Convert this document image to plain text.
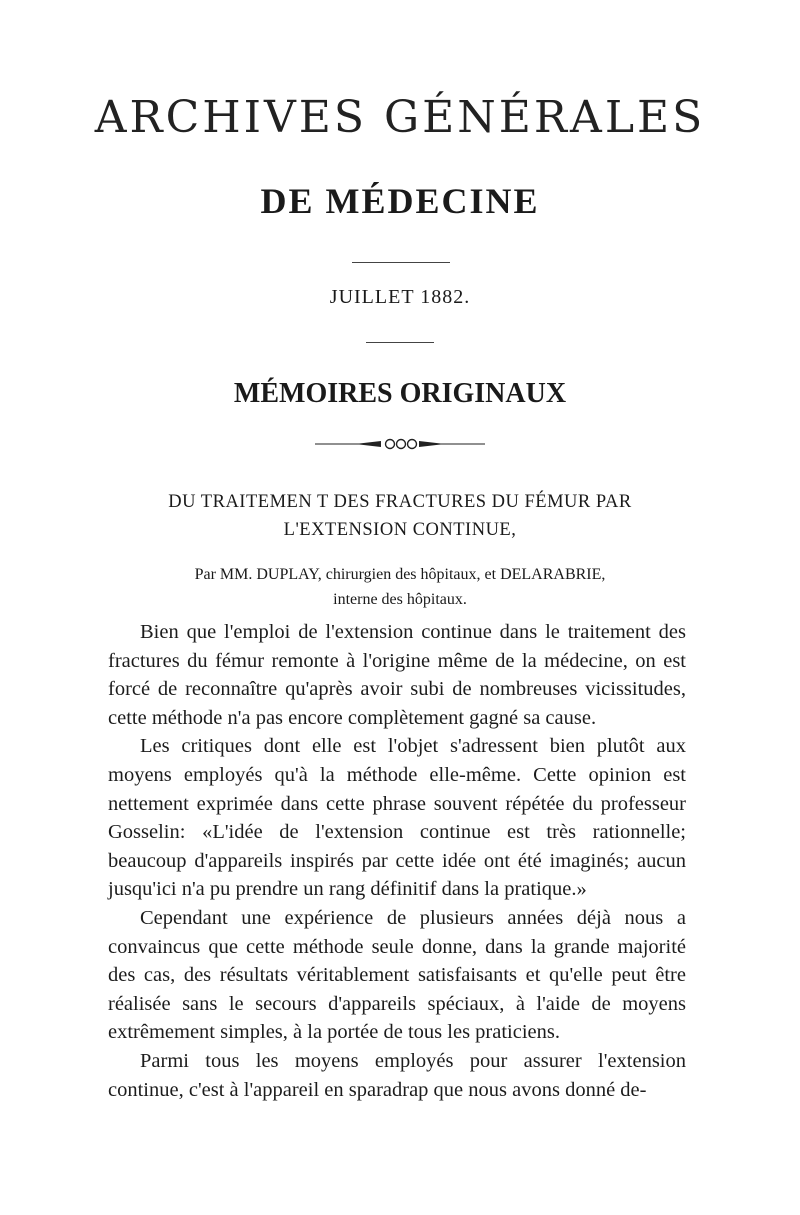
ARCHIVES GÉNÉRALES
DE MÉDECINE
JUILLET 1882.
MÉMOIRES ORIGINAUX
DU TRAITEMEN T DES FRACTURES DU FÉMUR PAR
L'EXTENSION CONTINUE,
Par MM. DUPLAY, chirurgien des hôpitaux, et DELARABRIE,
interne des hôpitaux.

Bien que l'emploi de l'extension continue dans le traitement des fractures du fémur remonte à l'origine même de la médecine, on est forcé de reconnaître qu'après avoir subi de nombreuses vicissitudes, cette méthode n'a pas encore complètement gagné sa cause.

Les critiques dont elle est l'objet s'adressent bien plutôt aux moyens employés qu'à la méthode elle-même. Cette opinion est nettement exprimée dans cette phrase souvent répétée du professeur Gosselin: «L'idée de l'extension continue est très rationnelle; beaucoup d'appareils inspirés par cette idée ont été imaginés; aucun jusqu'ici n'a pu prendre un rang définitif dans la pratique.»

Cependant une expérience de plusieurs années déjà nous a convaincus que cette méthode seule donne, dans la grande majorité des cas, des résultats véritablement satisfaisants et qu'elle peut être réalisée sans le secours d'appareils spéciaux, à l'aide de moyens extrêmement simples, à la portée de tous les praticiens.

Parmi tous les moyens employés pour assurer l'extension continue, c'est à l'appareil en sparadrap que nous avons donné de-
